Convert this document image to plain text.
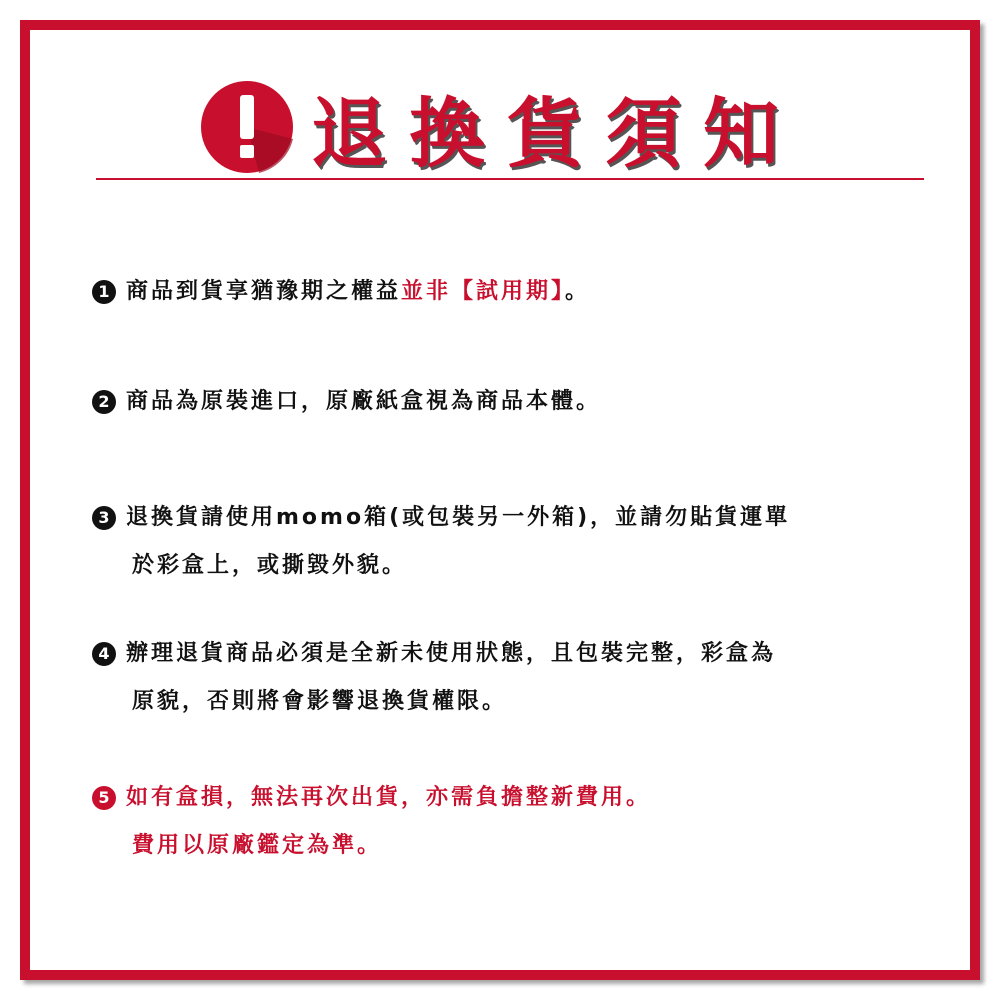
退換貨須知
1 商品到貨享猶豫期之權益並非【試用期】。
2 商品為原裝進口，原廠紙盒視為商品本體。
3 退換貨請使用momo箱(或包裝另一外箱)，並請勿貼貨運單
於彩盒上，或撕毀外貌。
4 辦理退貨商品必須是全新未使用狀態，且包裝完整，彩盒為
原貌，否則將會影響退換貨權限。
5 如有盒損，無法再次出貨，亦需負擔整新費用。
費用以原廠鑑定為準。
